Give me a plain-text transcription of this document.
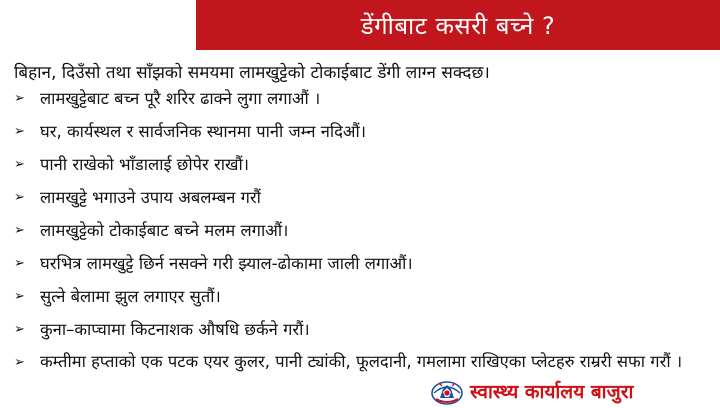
डेंगीबाट कसरी बच्ने ?
बिहान, दिउँसो तथा साँझको समयमा लामखुट्टेको टोकाईबाट डेंगी लाग्न सक्दछ।
➢ लामखुट्टेबाट बच्न पूरै शरिर ढाक्ने लुगा लगाऔं ।
➢ घर, कार्यस्थल र सार्वजनिक स्थानमा पानी जम्न नदिऔं।
➢ पानी राखेको भाँडालाई छोपेर राखौं।
➢ लामखुट्टे भगाउने उपाय अबलम्बन गरौं
➢ लामखुट्टेको टोकाईबाट बच्ने मलम लगाऔं।
➢ घरभित्र लामखुट्टे छिर्न नसक्ने गरी झ्याल-ढोकामा जाली लगाऔं।
➢ सुत्ने बेलामा झुल लगाएर सुतौं।
➢ कुना–काप्चामा किटनाशक औषधि छर्कने गरौं।
➢ कम्तीमा हप्ताको एक पटक एयर कुलर, पानी ट्यांकी, फूलदानी, गमलामा राखिएका प्लेटहरु राम्ररी सफा गरौं ।
स्वास्थ्य कार्यालय बाजुरा
